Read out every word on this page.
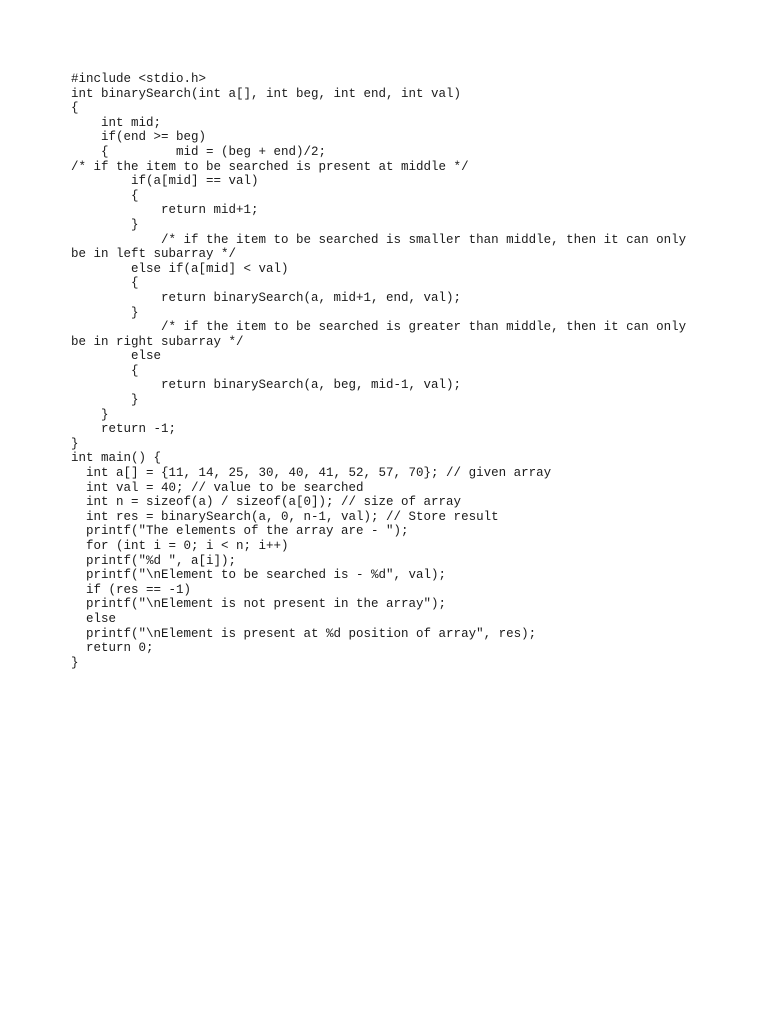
#include <stdio.h>
int binarySearch(int a[], int beg, int end, int val)
{
int mid;
if(end >= beg)
{         mid = (beg + end)/2;
/* if the item to be searched is present at middle */
if(a[mid] == val)
{
return mid+1;
}
/* if the item to be searched is smaller than middle, then it can only
be in left subarray */
else if(a[mid] < val)
{
return binarySearch(a, mid+1, end, val);
}
/* if the item to be searched is greater than middle, then it can only
be in right subarray */
else
{
return binarySearch(a, beg, mid-1, val);
}
}
return -1;
}
int main() {
int a[] = {11, 14, 25, 30, 40, 41, 52, 57, 70}; // given array
int val = 40; // value to be searched
int n = sizeof(a) / sizeof(a[0]); // size of array
int res = binarySearch(a, 0, n-1, val); // Store result
printf("The elements of the array are - ");
for (int i = 0; i < n; i++)
printf("%d ", a[i]);
printf("\nElement to be searched is - %d", val);
if (res == -1)
printf("\nElement is not present in the array");
else
printf("\nElement is present at %d position of array", res);
return 0;
}
